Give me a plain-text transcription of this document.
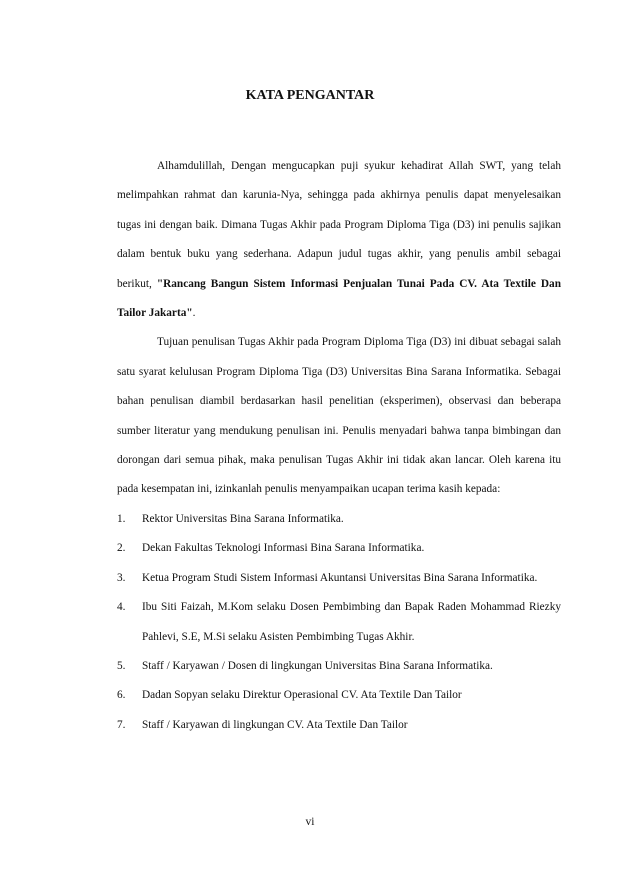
KATA PENGANTAR

Alhamdulillah, Dengan mengucapkan puji syukur kehadirat Allah SWT, yang telah melimpahkan rahmat dan karunia-Nya, sehingga pada akhirnya penulis dapat menyelesaikan tugas ini dengan baik. Dimana Tugas Akhir pada Program Diploma Tiga (D3) ini penulis sajikan dalam bentuk buku yang sederhana. Adapun judul tugas akhir, yang penulis ambil sebagai berikut, "Rancang Bangun Sistem Informasi Penjualan Tunai Pada CV. Ata Textile Dan Tailor Jakarta".

Tujuan penulisan Tugas Akhir pada Program Diploma Tiga (D3) ini dibuat sebagai salah satu syarat kelulusan Program Diploma Tiga (D3) Universitas Bina Sarana Informatika. Sebagai bahan penulisan diambil berdasarkan hasil penelitian (eksperimen), observasi dan beberapa sumber literatur yang mendukung penulisan ini. Penulis menyadari bahwa tanpa bimbingan dan dorongan dari semua pihak, maka penulisan Tugas Akhir ini tidak akan lancar. Oleh karena itu pada kesempatan ini, izinkanlah penulis menyampaikan ucapan terima kasih kepada:

1. Rektor Universitas Bina Sarana Informatika.
2. Dekan Fakultas Teknologi Informasi Bina Sarana Informatika.
3. Ketua Program Studi Sistem Informasi Akuntansi Universitas Bina Sarana Informatika.
4. Ibu Siti Faizah, M.Kom selaku Dosen Pembimbing dan Bapak Raden Mohammad Riezky Pahlevi, S.E, M.Si selaku Asisten Pembimbing Tugas Akhir.
5. Staff / Karyawan / Dosen di lingkungan Universitas Bina Sarana Informatika.
6. Dadan Sopyan selaku Direktur Operasional CV. Ata Textile Dan Tailor
7. Staff / Karyawan di lingkungan CV. Ata Textile Dan Tailor
vi
